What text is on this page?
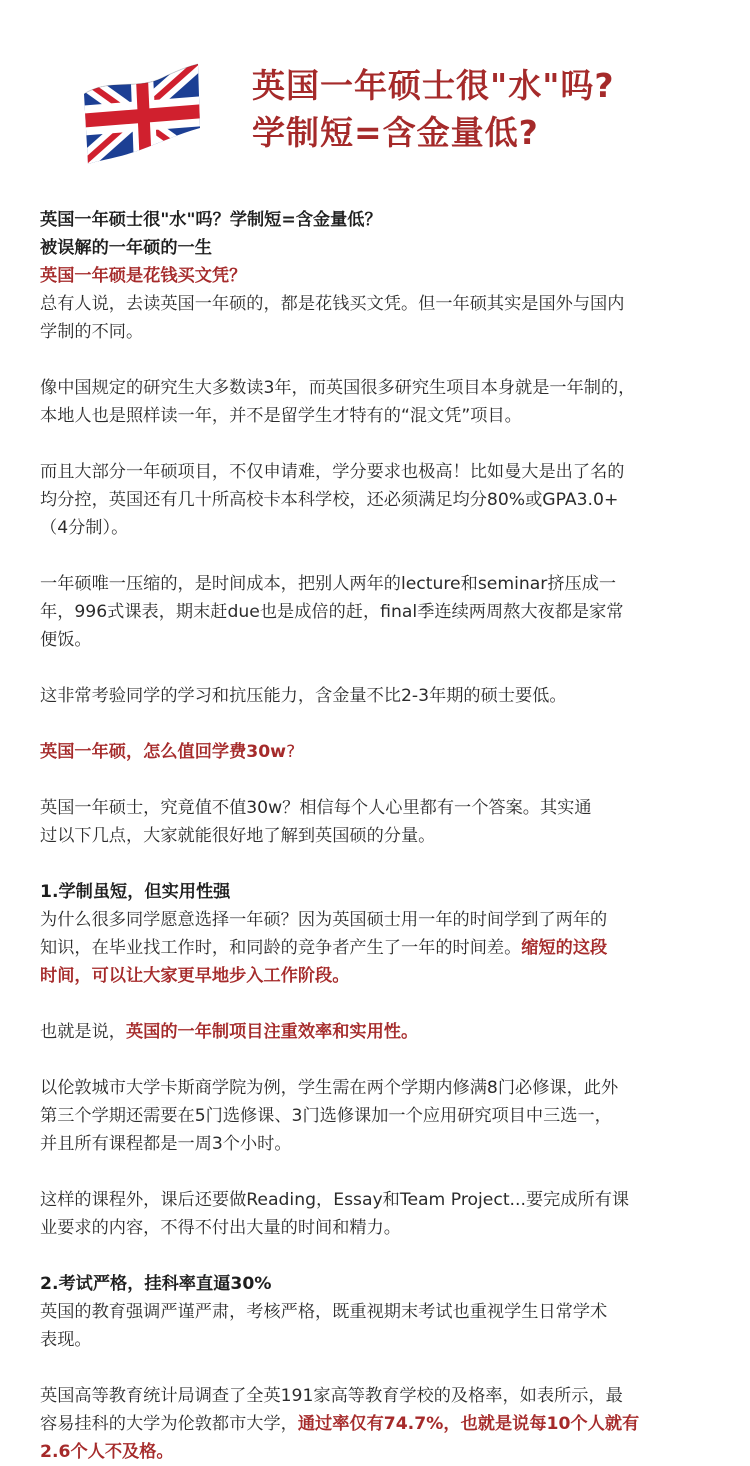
英国一年硕士很"水"吗?
学制短=含金量低?

英国一年硕士很"水"吗？学制短=含金量低？

被误解的一年硕的一生

英国一年硕是花钱买文凭？

总有人说，去读英国一年硕的，都是花钱买文凭。但一年硕其实是国外与国内

学制的不同。

像中国规定的研究生大多数读3年，而英国很多研究生项目本身就是一年制的，

本地人也是照样读一年，并不是留学生才特有的“混文凭”项目。

而且大部分一年硕项目，不仅申请难，学分要求也极高！比如曼大是出了名的

均分控，英国还有几十所高校卡本科学校，还必须满足均分80%或GPA3.0+

（4分制）。

一年硕唯一压缩的，是时间成本，把别人两年的lecture和seminar挤压成一

年，996式课表，期末赶due也是成倍的赶，final季连续两周熬大夜都是家常

便饭。

这非常考验同学的学习和抗压能力，含金量不比2-3年期的硕士要低。

英国一年硕，怎么值回学费30w?

英国一年硕士，究竟值不值30w？相信每个人心里都有一个答案。其实通

过以下几点，大家就能很好地了解到英国硕的分量。

1.学制虽短，但实用性强

为什么很多同学愿意选择一年硕？因为英国硕士用一年的时间学到了两年的

知识，在毕业找工作时，和同龄的竞争者产生了一年的时间差。缩短的这段

时间，可以让大家更早地步入工作阶段。

也就是说，英国的一年制项目注重效率和实用性。

以伦敦城市大学卡斯商学院为例，学生需在两个学期内修满8门必修课，此外

第三个学期还需要在5门选修课、3门选修课加一个应用研究项目中三选一，

并且所有课程都是一周3个小时。

这样的课程外，课后还要做Reading，Essay和Team Project...要完成所有课

业要求的内容，不得不付出大量的时间和精力。

2.考试严格，挂科率直逼30%

英国的教育强调严谨严肃，考核严格，既重视期末考试也重视学生日常学术

表现。

英国高等教育统计局调查了全英191家高等教育学校的及格率，如表所示，最

容易挂科的大学为伦敦都市大学，通过率仅有74.7%，也就是说每10个人就有

2.6个人不及格。
